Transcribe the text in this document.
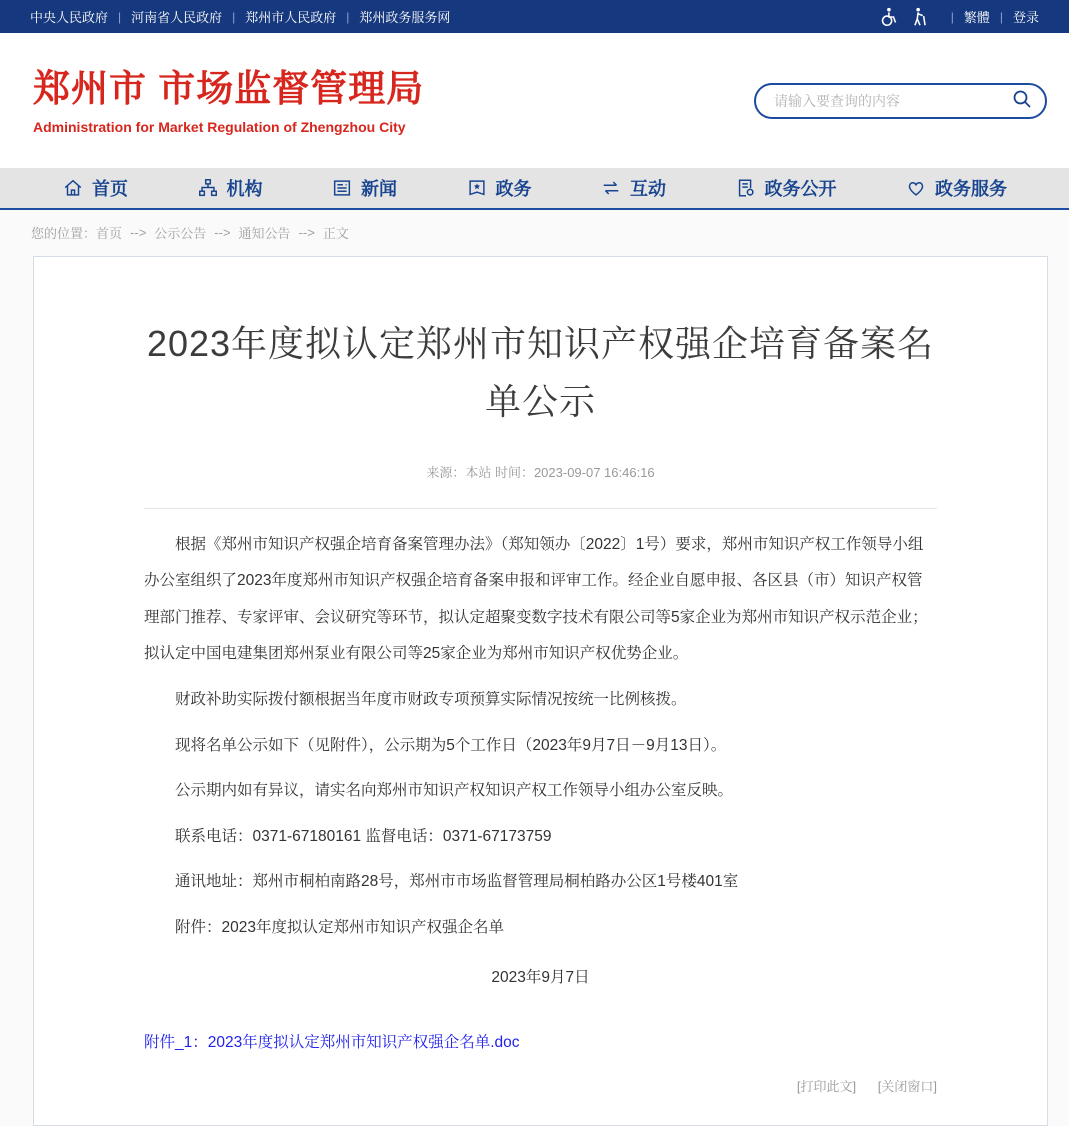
中央人民政府 | 河南省人民政府 | 郑州市人民政府 | 郑州政务服务网	| 繁體 | 登录
郑州市 市场监督管理局
Administration for Market Regulation of Zhengzhou City
请输入要查询的内容
首页	机构	新闻	政务	互动	政务公开	政务服务
您的位置： 首页 --> 公示公告 --> 通知公告 --> 正文
2023年度拟认定郑州市知识产权强企培育备案名单公示
来源：本站 时间：2023-09-07 16:46:16

根据《郑州市知识产权强企培育备案管理办法》（郑知领办〔2022〕1号）要求，郑州市知识产权工作领导小组办公室组织了2023年度郑州市知识产权强企培育备案申报和评审工作。经企业自愿申报、各区县（市）知识产权管理部门推荐、专家评审、会议研究等环节，拟认定超聚变数字技术有限公司等5家企业为郑州市知识产权示范企业；拟认定中国电建集团郑州泵业有限公司等25家企业为郑州市知识产权优势企业。

财政补助实际拨付额根据当年度市财政专项预算实际情况按统一比例核拨。

现将名单公示如下（见附件），公示期为5个工作日（2023年9月7日－9月13日）。

公示期内如有异议，请实名向郑州市知识产权知识产权工作领导小组办公室反映。

联系电话：0371-67180161 监督电话：0371-67173759

通讯地址：郑州市桐柏南路28号，郑州市市场监督管理局桐柏路办公区1号楼401室

附件：2023年度拟认定郑州市知识产权强企名单

2023年9月7日

附件_1：2023年度拟认定郑州市知识产权强企名单.doc
[打印此文] [关闭窗口]
